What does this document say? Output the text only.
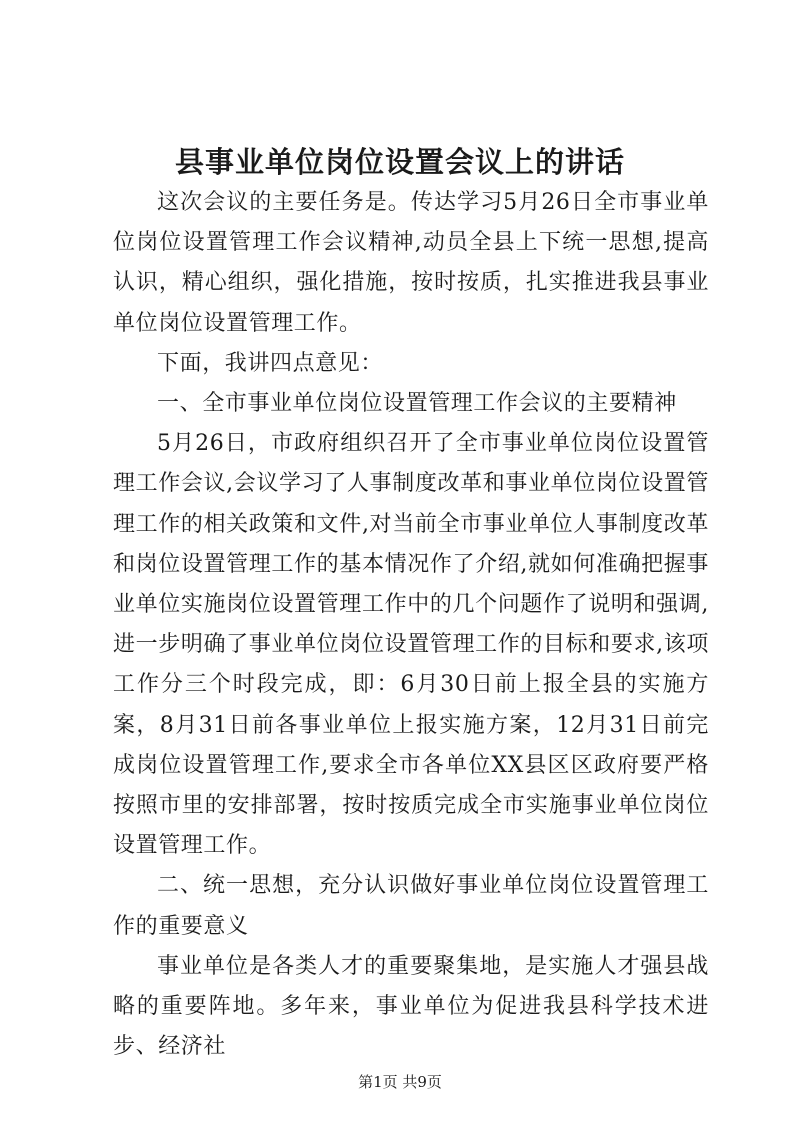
县事业单位岗位设置会议上的讲话

这次会议的主要任务是。传达学习5月26日全市事业单位岗位设置管理工作会议精神,动员全县上下统一思想,提高认识，精心组织，强化措施，按时按质，扎实推进我县事业单位岗位设置管理工作。

下面，我讲四点意见：

一、全市事业单位岗位设置管理工作会议的主要精神

5月26日，市政府组织召开了全市事业单位岗位设置管理工作会议,会议学习了人事制度改革和事业单位岗位设置管理工作的相关政策和文件,对当前全市事业单位人事制度改革和岗位设置管理工作的基本情况作了介绍,就如何准确把握事业单位实施岗位设置管理工作中的几个问题作了说明和强调,进一步明确了事业单位岗位设置管理工作的目标和要求,该项工作分三个时段完成，即：6月30日前上报全县的实施方案，8月31日前各事业单位上报实施方案，12月31日前完成岗位设置管理工作,要求全市各单位XX县区区政府要严格按照市里的安排部署，按时按质完成全市实施事业单位岗位设置管理工作。

二、统一思想，充分认识做好事业单位岗位设置管理工作的重要意义

事业单位是各类人才的重要聚集地，是实施人才强县战略的重要阵地。多年来，事业单位为促进我县科学技术进步、经济社

第1页 共9页
